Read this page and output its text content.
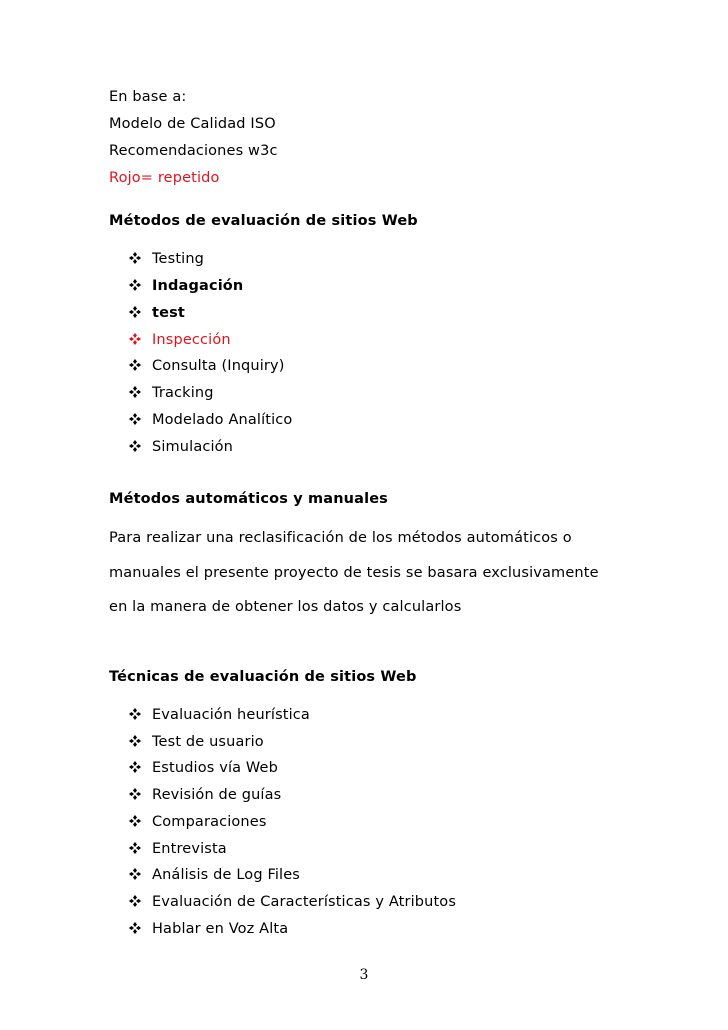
En base a:
Modelo de Calidad ISO
Recomendaciones w3c
Rojo= repetido
Métodos de evaluación de sitios Web
Testing
Indagación
test
Inspección
Consulta (Inquiry)
Tracking
Modelado Analítico
Simulación
Métodos automáticos y manuales
Para realizar una reclasificación de los métodos automáticos o
manuales el presente proyecto de tesis se basara exclusivamente
en la manera de obtener los datos y calcularlos
Técnicas de evaluación de sitios Web
Evaluación heurística
Test de usuario
Estudios vía Web
Revisión de guías
Comparaciones
Entrevista
Análisis de Log Files
Evaluación de Características y Atributos
Hablar en Voz Alta
3
